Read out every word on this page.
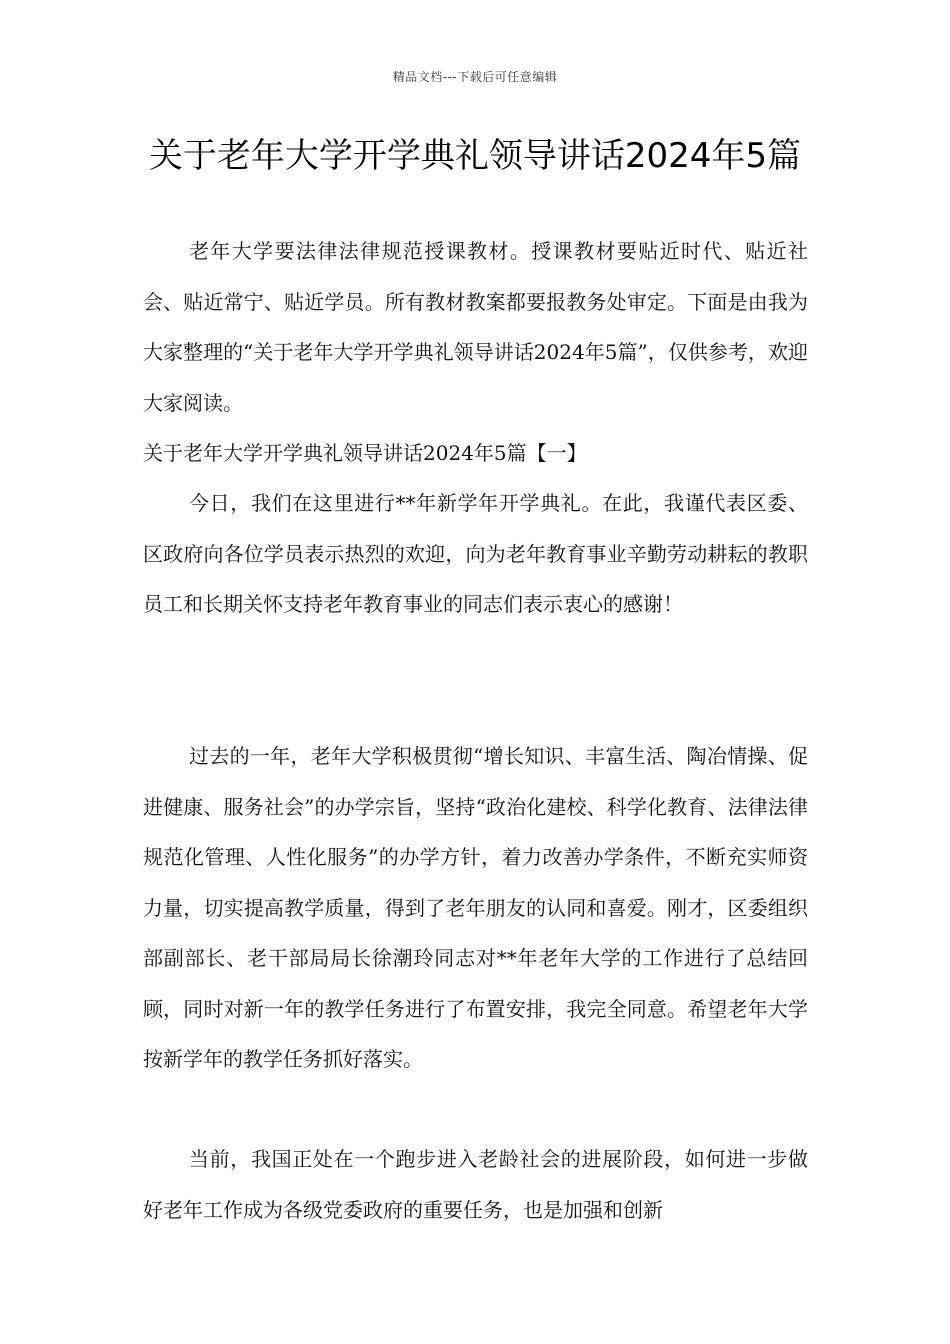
精品文档---下载后可任意编辑
关于老年大学开学典礼领导讲话2024年5篇

老年大学要法律法律规范授课教材。授课教材要贴近时代、贴近社会、贴近常宁、贴近学员。所有教材教案都要报教务处审定。下面是由我为大家整理的“关于老年大学开学典礼领导讲话2024年5篇”，仅供参考，欢迎大家阅读。

关于老年大学开学典礼领导讲话2024年5篇【一】

今日，我们在这里进行**年新学年开学典礼。在此，我谨代表区委、区政府向各位学员表示热烈的欢迎，向为老年教育事业辛勤劳动耕耘的教职员工和长期关怀支持老年教育事业的同志们表示衷心的感谢！

过去的一年，老年大学积极贯彻“增长知识、丰富生活、陶冶情操、促进健康、服务社会”的办学宗旨，坚持“政治化建校、科学化教育、法律法律规范化管理、人性化服务”的办学方针，着力改善办学条件，不断充实师资力量，切实提高教学质量，得到了老年朋友的认同和喜爱。刚才，区委组织部副部长、老干部局局长徐潮玲同志对**年老年大学的工作进行了总结回顾，同时对新一年的教学任务进行了布置安排，我完全同意。希望老年大学按新学年的教学任务抓好落实。

当前，我国正处在一个跑步进入老龄社会的进展阶段，如何进一步做好老年工作成为各级党委政府的重要任务，也是加强和创新
